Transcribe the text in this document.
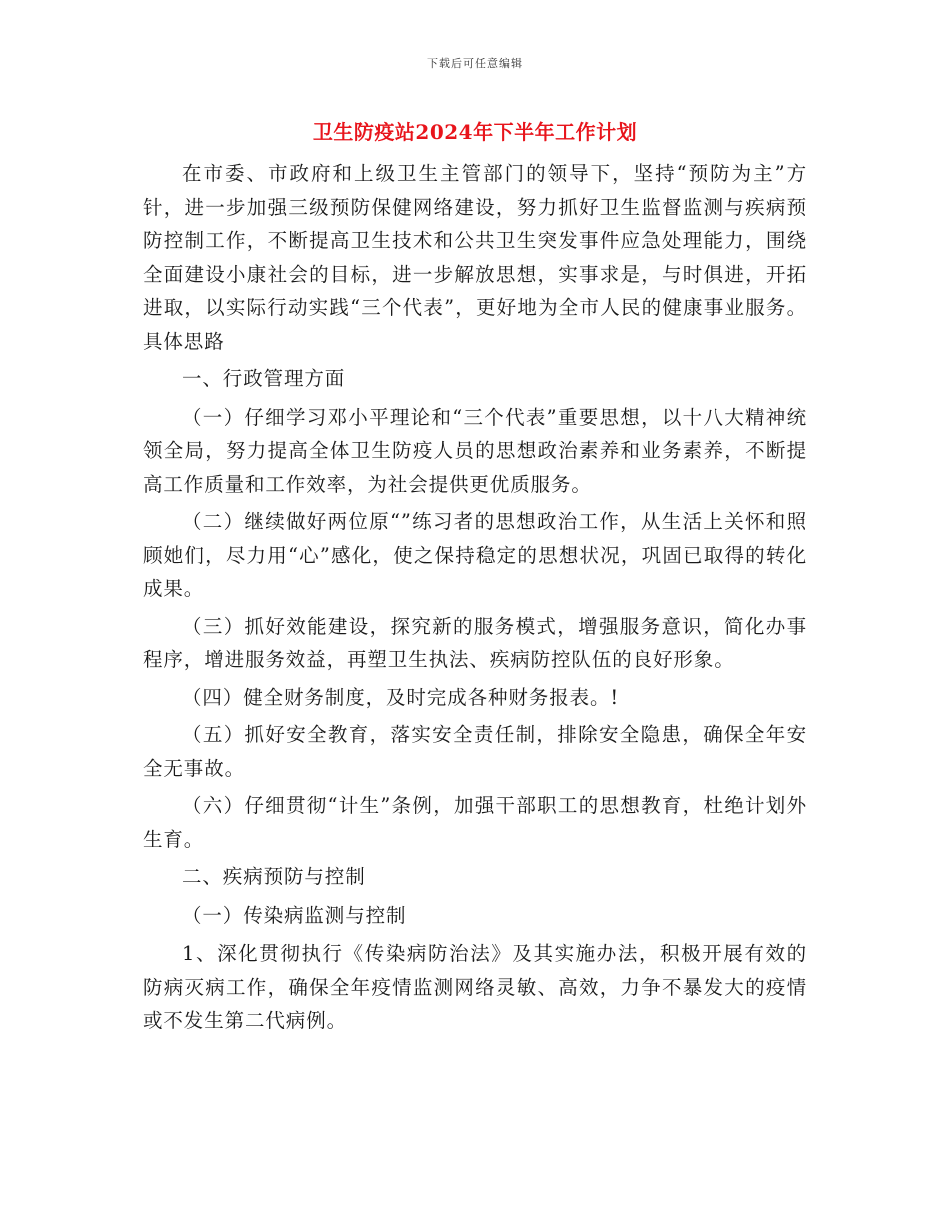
下载后可任意编辑
卫生防疫站2024年下半年工作计划

在市委、市政府和上级卫生主管部门的领导下，坚持“预防为主”方针，进一步加强三级预防保健网络建设，努力抓好卫生监督监测与疾病预防控制工作，不断提高卫生技术和公共卫生突发事件应急处理能力，围绕全面建设小康社会的目标，进一步解放思想，实事求是，与时俱进，开拓进取，以实际行动实践“三个代表”，更好地为全市人民的健康事业服务。具体思路

一、行政管理方面

（一）仔细学习邓小平理论和“三个代表”重要思想，以十八大精神统领全局，努力提高全体卫生防疫人员的思想政治素养和业务素养，不断提高工作质量和工作效率，为社会提供更优质服务。

（二）继续做好两位原“”练习者的思想政治工作，从生活上关怀和照顾她们，尽力用“心”感化，使之保持稳定的思想状况，巩固已取得的转化成果。

（三）抓好效能建设，探究新的服务模式，增强服务意识，简化办事程序，增进服务效益，再塑卫生执法、疾病防控队伍的良好形象。

（四）健全财务制度，及时完成各种财务报表。!

（五）抓好安全教育，落实安全责任制，排除安全隐患，确保全年安全无事故。

（六）仔细贯彻“计生”条例，加强干部职工的思想教育，杜绝计划外生育。

二、疾病预防与控制

（一）传染病监测与控制

1、深化贯彻执行《传染病防治法》及其实施办法，积极开展有效的防病灭病工作，确保全年疫情监测网络灵敏、高效，力争不暴发大的疫情或不发生第二代病例。
